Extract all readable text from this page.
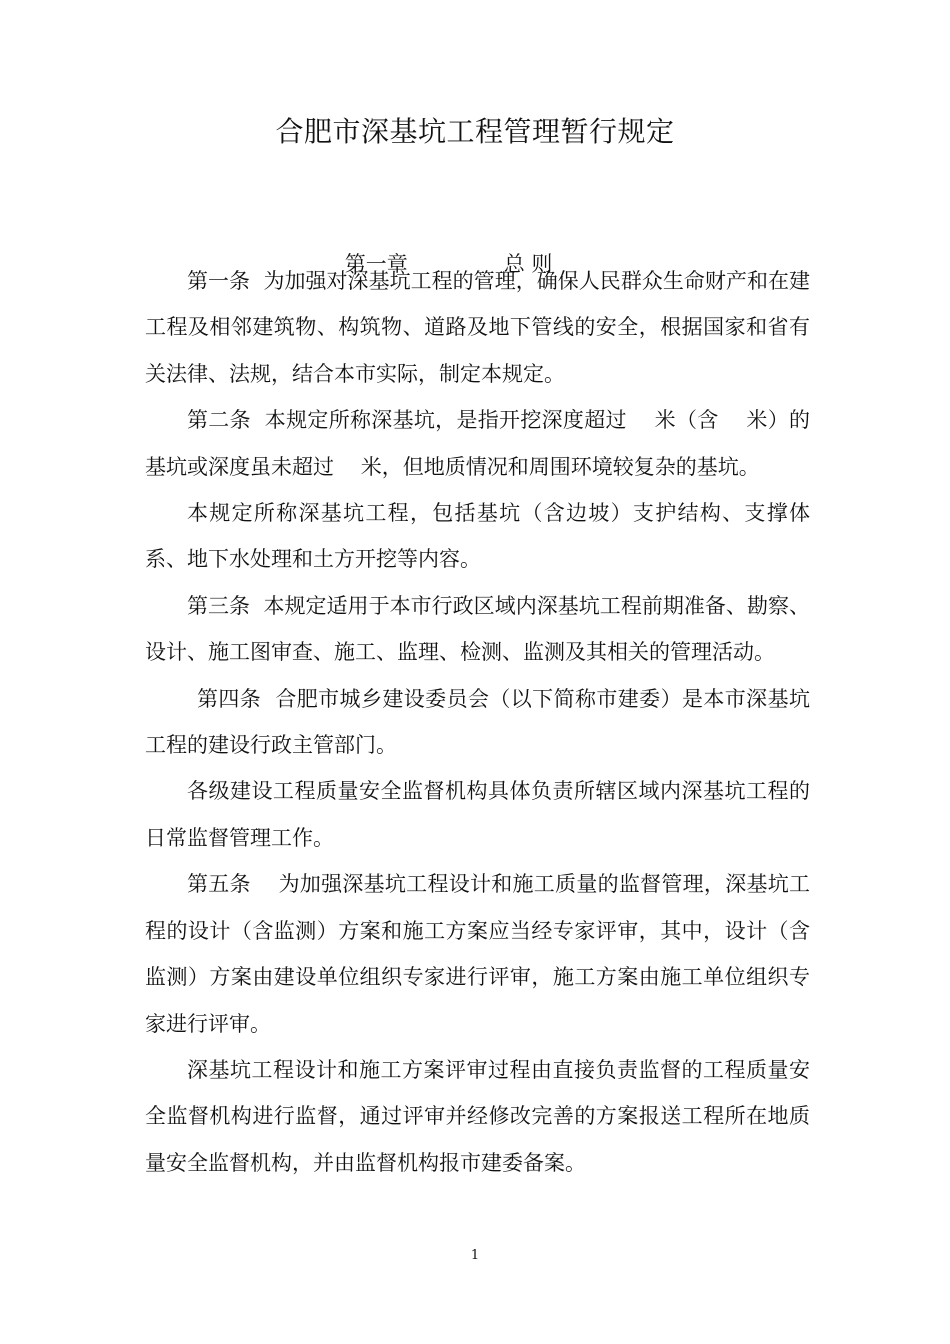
合肥市深基坑工程管理暂行规定

第一章	总 则

第一条  为加强对深基坑工程的管理，确保人民群众生命财产和在建工程及相邻建筑物、构筑物、道路及地下管线的安全，根据国家和省有关法律、法规，结合本市实际，制定本规定。

第二条  本规定所称深基坑，是指开挖深度超过    米（含    米）的基坑或深度虽未超过    米，但地质情况和周围环境较复杂的基坑。

本规定所称深基坑工程，包括基坑（含边坡）支护结构、支撑体系、地下水处理和土方开挖等内容。

第三条  本规定适用于本市行政区域内深基坑工程前期准备、勘察、设计、施工图审查、施工、监理、检测、监测及其相关的管理活动。

第四条  合肥市城乡建设委员会（以下简称市建委）是本市深基坑工程的建设行政主管部门。

各级建设工程质量安全监督机构具体负责所辖区域内深基坑工程的日常监督管理工作。

第五条    为加强深基坑工程设计和施工质量的监督管理，深基坑工程的设计（含监测）方案和施工方案应当经专家评审，其中，设计（含监测）方案由建设单位组织专家进行评审，施工方案由施工单位组织专家进行评审。

深基坑工程设计和施工方案评审过程由直接负责监督的工程质量安全监督机构进行监督，通过评审并经修改完善的方案报送工程所在地质量安全监督机构，并由监督机构报市建委备案。

1
